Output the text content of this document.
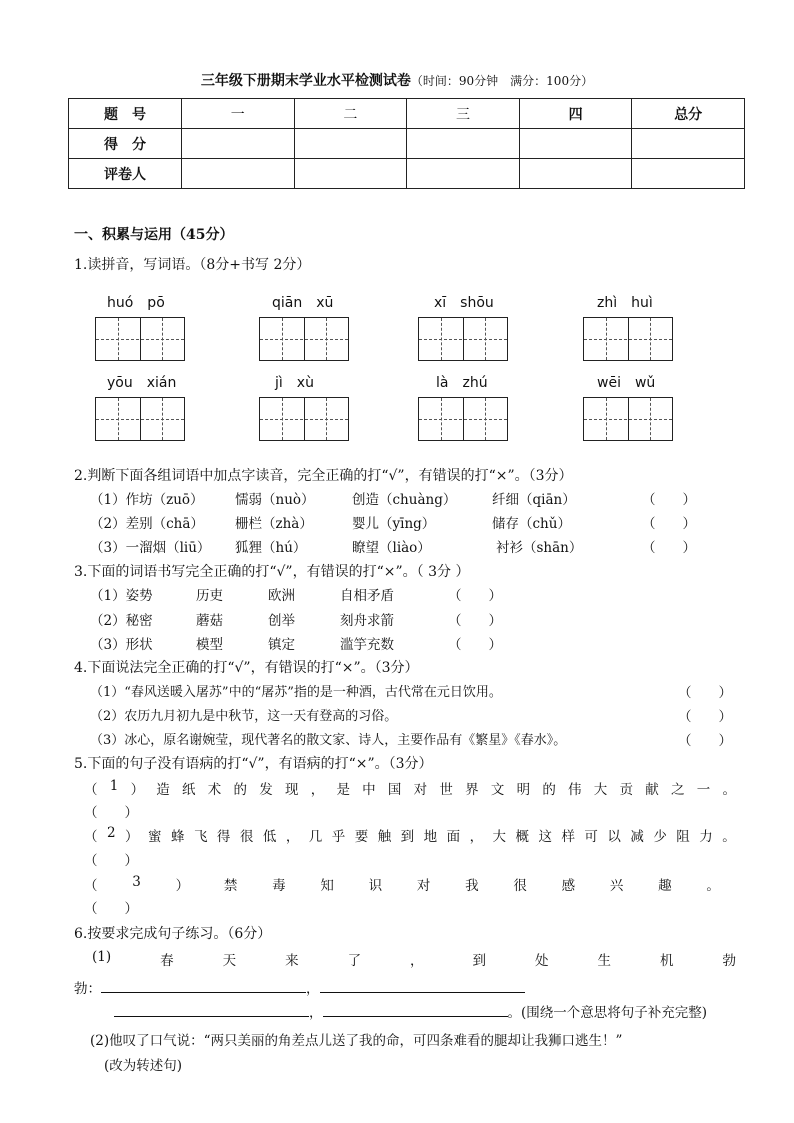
三年级下册期末学业水平检测试卷（时间：90分钟　满分：100分）
题　号	一	二	三	四	总分
得　分					
评卷人					
一、积累与运用（45分）
1.读拼音，写词语。（8分+书写 2分）
huó　pō	qiān　xū	xī　shōu	zhì　huì
yōu　xián	jì　xù	là　zhú	wēi　wǔ
2.判断下面各组词语中加点字读音，完全正确的打“√”，有错误的打“×”。（3分）
（1）作坊（zuō） 懦弱（nuò）	创造（chuàng）	纤细（qiān）	（　　）
（2）差别（chā） 栅栏（zhà）	婴儿（yīng）	储存（chǔ）	（　　）
（3）一溜烟（liū） 狐狸（hú）	瞭望（liào）	衬衫（shān）	（　　）
3.下面的词语书写完全正确的打“√”，有错误的打“×”。（ 3分 ）
（1）姿势	历吏	欧洲	自相矛盾	（　　）
（2）秘密	蘑菇	创举	刻舟求箭	（　　）
（3）形状	模型	镇定	滥竽充数	（　　）
4.下面说法完全正确的打“√”，有错误的打“×”。（3分）
（1）“春风送暖入屠苏”中的“屠苏”指的是一种酒，古代常在元日饮用。	（　　）
（2）农历九月初九是中秋节，这一天有登高的习俗。	（　　）
（3）冰心，原名谢婉莹，现代著名的散文家、诗人，主要作品有《繁星》《春水》。	（　　）
5.下面的句子没有语病的打“√”，有语病的打“×”。（3分）
（ 1 ） 造 纸 术 的 发 现 ， 是 中 国 对 世 界 文 明 的 伟 大 贡 献 之 一 。
（　　）
（ 2 ） 蜜 蜂 飞 得 很 低 ， 几 乎 要 触 到 地 面 ， 大 概 这 样 可 以 减 少 阻 力 。
（　　）
（	3	）	禁	毒	知	识	对	我	很	感	兴	趣	。
（　　）
6.按要求完成句子练习。（6分）
(1)	春	天	来	了	，	到	处	生	机	勃
勃：	，
，	。(围绕一个意思将句子补充完整)
(2)他叹了口气说：“两只美丽的角差点儿送了我的命，可四条难看的腿却让我狮口逃生！”
(改为转述句)
